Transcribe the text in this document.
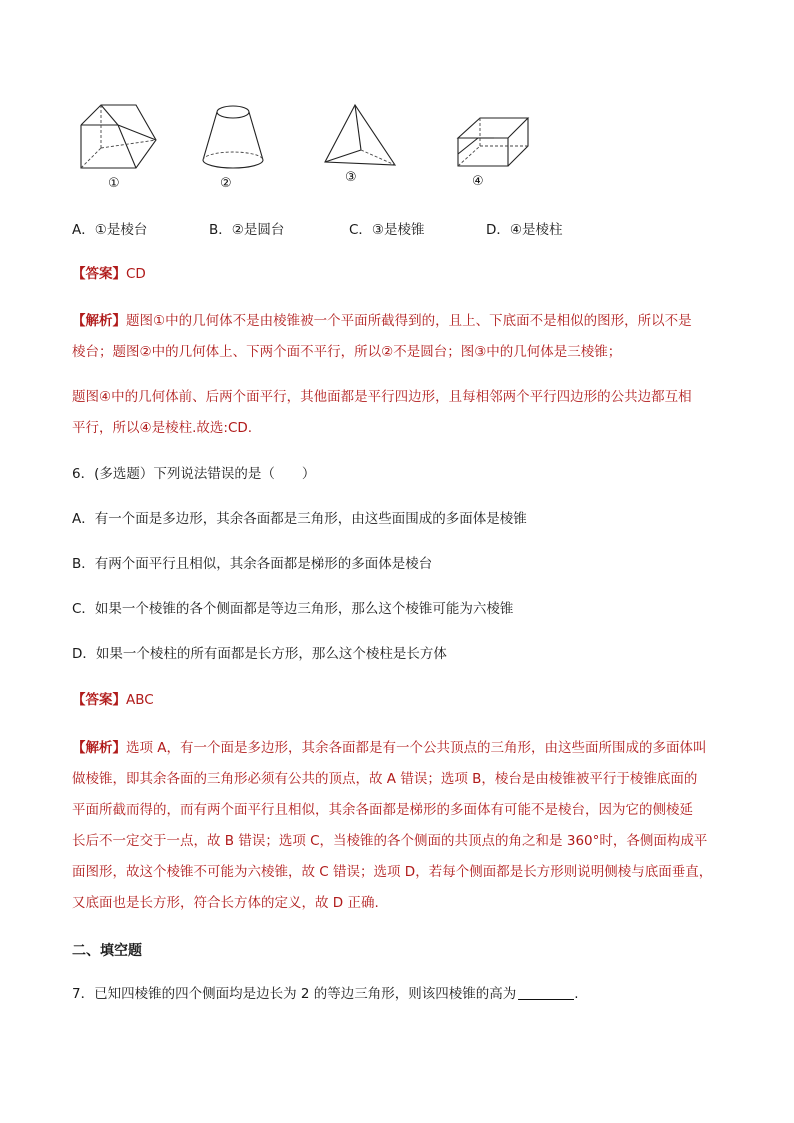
①	②	③	④
A．①是棱台	B．②是圆台	C．③是棱锥	D．④是棱柱
【答案】CD
【解析】题图①中的几何体不是由棱锥被一个平面所截得到的，且上、下底面不是相似的图形，所以不是
棱台；题图②中的几何体上、下两个面不平行，所以②不是圆台；图③中的几何体是三棱锥；
题图④中的几何体前、后两个面平行，其他面都是平行四边形，且每相邻两个平行四边形的公共边都互相
平行，所以④是棱柱.故选:CD.
6．(多选题）下列说法错误的是（　　）
A．有一个面是多边形，其余各面都是三角形，由这些面围成的多面体是棱锥
B．有两个面平行且相似，其余各面都是梯形的多面体是棱台
C．如果一个棱锥的各个侧面都是等边三角形，那么这个棱锥可能为六棱锥
D．如果一个棱柱的所有面都是长方形，那么这个棱柱是长方体
【答案】ABC
【解析】选项 A，有一个面是多边形，其余各面都是有一个公共顶点的三角形，由这些面所围成的多面体叫
做棱锥，即其余各面的三角形必须有公共的顶点，故 A 错误；选项 B，棱台是由棱锥被平行于棱锥底面的
平面所截而得的，而有两个面平行且相似，其余各面都是梯形的多面体有可能不是棱台，因为它的侧棱延
长后不一定交于一点，故 B 错误；选项 C，当棱锥的各个侧面的共顶点的角之和是 360°时，各侧面构成平
面图形，故这个棱锥不可能为六棱锥，故 C 错误；选项 D，若每个侧面都是长方形则说明侧棱与底面垂直，
又底面也是长方形，符合长方体的定义，故 D 正确.
二、填空题
7．已知四棱锥的四个侧面均是边长为 2 的等边三角形，则该四棱锥的高为	.
